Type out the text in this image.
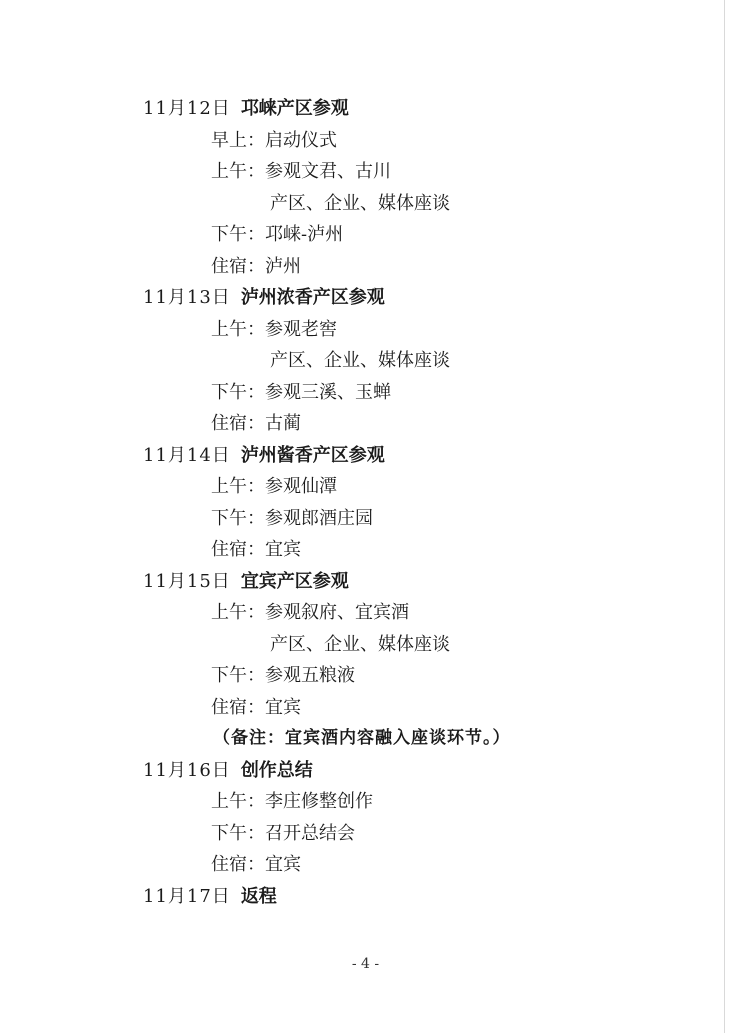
11月12日 邛崃产区参观
早上：启动仪式
上午：参观文君、古川
产区、企业、媒体座谈
下午：邛崃-泸州
住宿：泸州
11月13日 泸州浓香产区参观
上午：参观老窖
产区、企业、媒体座谈
下午：参观三溪、玉蝉
住宿：古蔺
11月14日 泸州酱香产区参观
上午：参观仙潭
下午：参观郎酒庄园
住宿：宜宾
11月15日 宜宾产区参观
上午：参观叙府、宜宾酒
产区、企业、媒体座谈
下午：参观五粮液
住宿：宜宾
（备注：宜宾酒内容融入座谈环节。）
11月16日 创作总结
上午：李庄修整创作
下午：召开总结会
住宿：宜宾
11月17日 返程
- 4 -
